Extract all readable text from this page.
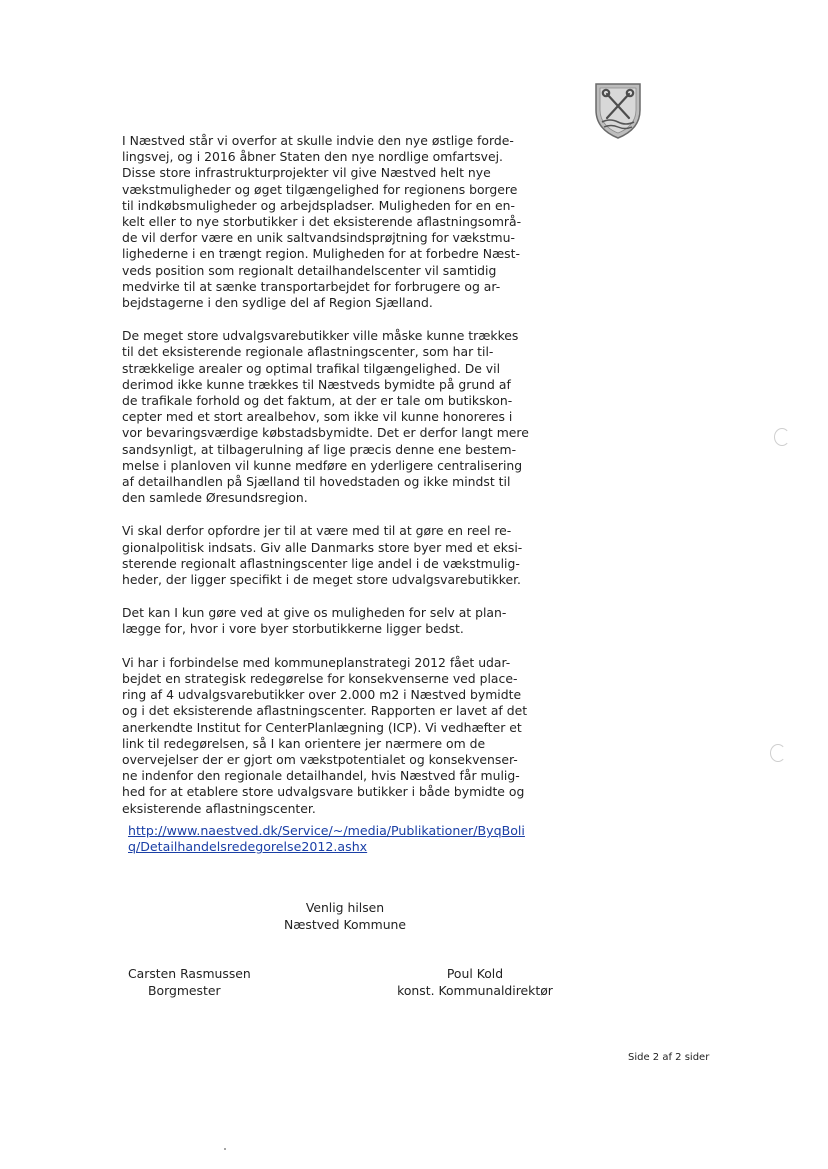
I Næstved står vi overfor at skulle indvie den nye østlige forde-
lingsvej, og i 2016 åbner Staten den nye nordlige omfartsvej.
Disse store infrastrukturprojekter vil give Næstved helt nye
vækstmuligheder og øget tilgængelighed for regionens borgere
til indkøbsmuligheder og arbejdspladser. Muligheden for en en-
kelt eller to nye storbutikker i det eksisterende aflastningsområ-
de vil derfor være en unik saltvandsindsprøjtning for vækstmu-
lighederne i en trængt region. Muligheden for at forbedre Næst-
veds position som regionalt detailhandelscenter vil samtidig
medvirke til at sænke transportarbejdet for forbrugere og ar-
bejdstagerne i den sydlige del af Region Sjælland.

De meget store udvalgsvarebutikker ville måske kunne trækkes
til det eksisterende regionale aflastningscenter, som har til-
strækkelige arealer og optimal trafikal tilgængelighed. De vil
derimod ikke kunne trækkes til Næstveds bymidte på grund af
de trafikale forhold og det faktum, at der er tale om butikskon-
cepter med et stort arealbehov, som ikke vil kunne honoreres i
vor bevaringsværdige købstadsbymidte. Det er derfor langt mere
sandsynligt, at tilbagerulning af lige præcis denne ene bestem-
melse i planloven vil kunne medføre en yderligere centralisering
af detailhandlen på Sjælland til hovedstaden og ikke mindst til
den samlede Øresundsregion.

Vi skal derfor opfordre jer til at være med til at gøre en reel re-
gionalpolitisk indsats. Giv alle Danmarks store byer med et eksi-
sterende regionalt aflastningscenter lige andel i de vækstmulig-
heder, der ligger specifikt i de meget store udvalgsvarebutikker.

Det kan I kun gøre ved at give os muligheden for selv at plan-
lægge for, hvor i vore byer storbutikkerne ligger bedst.

Vi har i forbindelse med kommuneplanstrategi 2012 fået udar-
bejdet en strategisk redegørelse for konsekvenserne ved place-
ring af 4 udvalgsvarebutikker over 2.000 m2 i Næstved bymidte
og i det eksisterende aflastningscenter. Rapporten er lavet af det
anerkendte Institut for CenterPlanlægning (ICP). Vi vedhæfter et
link til redegørelsen, så I kan orientere jer nærmere om de
overvejelser der er gjort om vækstpotentialet og konsekvenser-
ne indenfor den regionale detailhandel, hvis Næstved får mulig-
hed for at etablere store udvalgsvare butikker i både bymidte og
eksisterende aflastningscenter.

http://www.naestved.dk/Service/~/media/Publikationer/ByqBoli
q/Detailhandelsredegorelse2012.ashx
Venlig hilsen
Næstved Kommune
Carsten Rasmussen
Borgmester
Poul Kold
konst. Kommunaldirektør
Side 2 af 2 sider
